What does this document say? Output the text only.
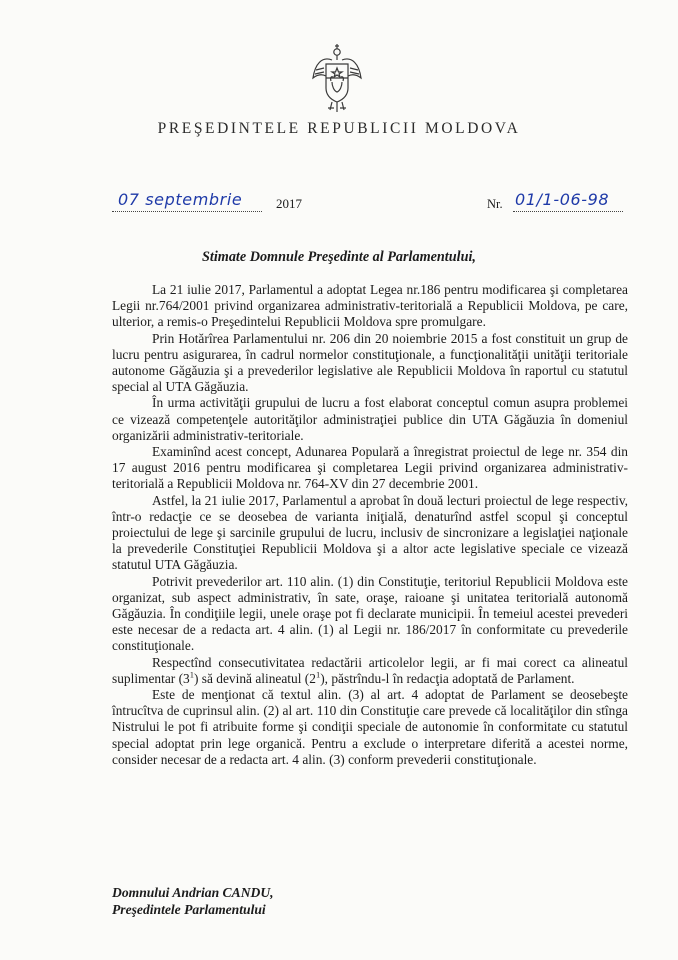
PREŞEDINTELE REPUBLICII MOLDOVA
07 septembrie	2017	Nr. 01/1-06-98
Stimate Domnule Preşedinte al Parlamentului,

La 21 iulie 2017, Parlamentul a adoptat Legea nr.186 pentru modificarea şi completarea Legii nr.764/2001 privind organizarea administrativ-teritorială a Republicii Moldova, pe care, ulterior, a remis-o Preşedintelui Republicii Moldova spre promulgare.

Prin Hotărîrea Parlamentului nr. 206 din 20 noiembrie 2015 a fost constituit un grup de lucru pentru asigurarea, în cadrul normelor constituţionale, a funcţionalităţii unităţii teritoriale autonome Găgăuzia şi a prevederilor legislative ale Republicii Moldova în raportul cu statutul special al UTA Găgăuzia.

În urma activităţii grupului de lucru a fost elaborat conceptul comun asupra problemei ce vizează competenţele autorităţilor administraţiei publice din UTA Găgăuzia în domeniul organizării administrativ-teritoriale.

Examinînd acest concept, Adunarea Populară a înregistrat proiectul de lege nr. 354 din 17 august 2016 pentru modificarea şi completarea Legii privind organizarea administrativ-teritorială a Republicii Moldova nr. 764-XV din 27 decembrie 2001.

Astfel, la 21 iulie 2017, Parlamentul a aprobat în două lecturi proiectul de lege respectiv, într-o redacţie ce se deosebea de varianta iniţială, denaturînd astfel scopul şi conceptul proiectului de lege şi sarcinile grupului de lucru, inclusiv de sincronizare a legislaţiei naţionale la prevederile Constituţiei Republicii Moldova şi a altor acte legislative speciale ce vizează statutul UTA Găgăuzia.

Potrivit prevederilor art. 110 alin. (1) din Constituţie, teritoriul Republicii Moldova este organizat, sub aspect administrativ, în sate, oraşe, raioane şi unitatea teritorială autonomă Găgăuzia. În condiţiile legii, unele oraşe pot fi declarate municipii. În temeiul acestei prevederi este necesar de a redacta art. 4 alin. (1) al Legii nr. 186/2017 în conformitate cu prevederile constituţionale.

Respectînd consecutivitatea redactării articolelor legii, ar fi mai corect ca alineatul suplimentar $(3^1)$ să devină alineatul $(2^1)$, păstrîndu-l în redacţia adoptată de Parlament.

Este de menţionat că textul alin. (3) al art. 4 adoptat de Parlament se deosebeşte întrucîtva de cuprinsul alin. (2) al art. 110 din Constituţie care prevede că localităţilor din stînga Nistrului le pot fi atribuite forme şi condiţii speciale de autonomie în conformitate cu statutul special adoptat prin lege organică. Pentru a exclude o interpretare diferită a acestei norme, consider necesar de a redacta art. 4 alin. (3) conform prevederii constituţionale.

Domnului Andrian CANDU,
Preşedintele Parlamentului
